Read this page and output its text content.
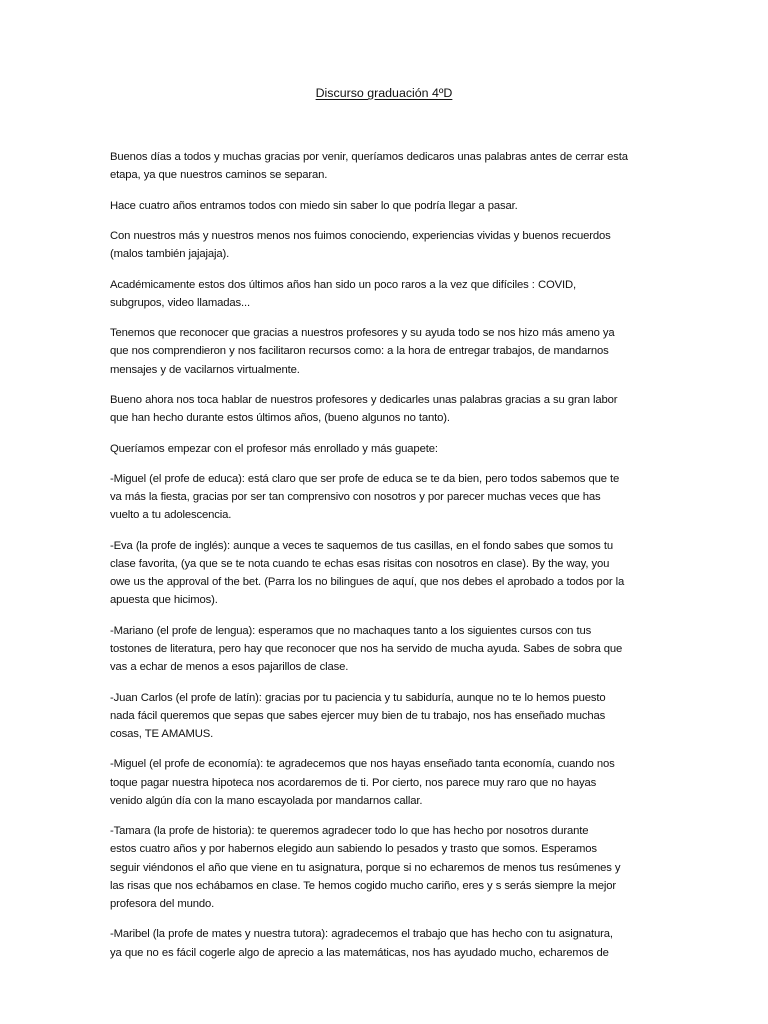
Discurso graduación 4ºD
Buenos días a todos y muchas gracias por venir, queríamos dedicaros unas palabras antes de cerrar esta
etapa, ya que nuestros caminos se separan.
Hace cuatro años entramos todos con miedo sin saber lo que podría llegar a pasar.
Con nuestros más y nuestros menos nos fuimos conociendo, experiencias vividas y buenos recuerdos
(malos también jajajaja).
Académicamente estos dos últimos años han sido un poco raros a la vez que difíciles : COVID,
subgrupos, video llamadas...
Tenemos que reconocer que gracias a nuestros profesores y su ayuda todo se nos hizo más ameno ya
que nos comprendieron y nos facilitaron recursos como: a la hora de entregar trabajos, de mandarnos
mensajes y de vacilarnos virtualmente.
Bueno ahora nos toca hablar de nuestros profesores y dedicarles unas palabras gracias a su gran labor
que han hecho durante estos últimos años, (bueno algunos no tanto).
Queríamos empezar con el profesor más enrollado y más guapete:
-Miguel (el profe de educa): está claro que ser profe de educa se te da bien, pero todos sabemos que te
va más la fiesta, gracias por ser tan comprensivo con nosotros y por parecer muchas veces que has
vuelto a tu adolescencia.
-Eva (la profe de inglés): aunque a veces te saquemos de tus casillas, en el fondo sabes que somos tu
clase favorita, (ya que se te nota cuando te echas esas risitas con nosotros en clase). By the way, you
owe us the approval of the bet. (Parra los no bilingues de aquí, que nos debes el aprobado a todos por la
apuesta que hicimos).
-Mariano (el profe de lengua): esperamos que no machaques tanto a los siguientes cursos con tus
tostones de literatura, pero hay que reconocer que nos ha servido de mucha ayuda. Sabes de sobra que
vas a echar de menos a esos pajarillos de clase.
-Juan Carlos (el profe de latín): gracias por tu paciencia y tu sabiduría, aunque no te lo hemos puesto
nada fácil queremos que sepas que sabes ejercer muy bien de tu trabajo, nos has enseñado muchas
cosas, TE AMAMUS.
-Miguel (el profe de economía): te agradecemos que nos hayas enseñado tanta economía, cuando nos
toque pagar nuestra hipoteca nos acordaremos de ti. Por cierto, nos parece muy raro que no hayas
venido algún día con la mano escayolada por mandarnos callar.
-Tamara (la profe de historia): te queremos agradecer todo lo que has hecho por nosotros durante
estos cuatro años y por habernos elegido aun sabiendo lo pesados y trasto que somos. Esperamos
seguir viéndonos el año que viene en tu asignatura, porque si no echaremos de menos tus resúmenes y
las risas que nos echábamos en clase. Te hemos cogido mucho cariño, eres y s serás siempre la mejor
profesora del mundo.
-Maribel (la profe de mates y nuestra tutora): agradecemos el trabajo que has hecho con tu asignatura,
ya que no es fácil cogerle algo de aprecio a las matemáticas, nos has ayudado mucho, echaremos de
